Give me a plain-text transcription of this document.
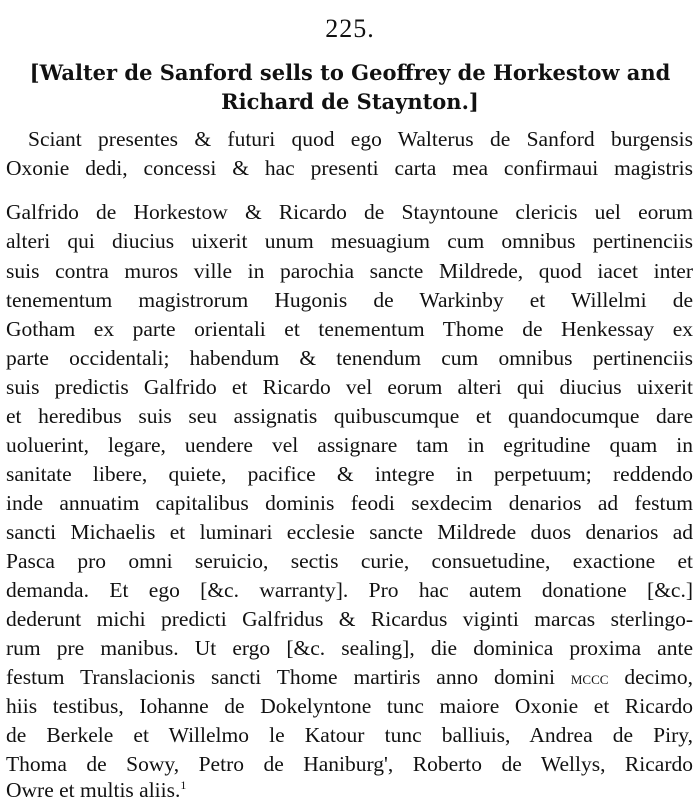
225.
[Walter de Sanford sells to Geoffrey de Horkestow and
Richard de Staynton.]
Sciant presentes & futuri quod ego Walterus de Sanford burgensis
Oxonie dedi, concessi & hac presenti carta mea confirmaui magistris
Galfrido de Horkestow & Ricardo de Stayntoune clericis uel eorum
alteri qui diucius uixerit unum mesuagium cum omnibus pertinenciis
suis contra muros ville in parochia sancte Mildrede, quod iacet inter
tenementum magistrorum Hugonis de Warkinby et Willelmi de
Gotham ex parte orientali et tenementum Thome de Henkessay ex
parte occidentali; habendum & tenendum cum omnibus pertinenciis
suis predictis Galfrido et Ricardo vel eorum alteri qui diucius uixerit
et heredibus suis seu assignatis quibuscumque et quandocumque dare
uoluerint, legare, uendere vel assignare tam in egritudine quam in
sanitate libere, quiete, pacifice & integre in perpetuum; reddendo
inde annuatim capitalibus dominis feodi sexdecim denarios ad festum
sancti Michaelis et luminari ecclesie sancte Mildrede duos denarios ad
Pasca pro omni seruicio, sectis curie, consuetudine, exactione et
demanda. Et ego [&c. warranty]. Pro hac autem donatione [&c.]
dederunt michi predicti Galfridus & Ricardus viginti marcas sterlingo-
rum pre manibus. Ut ergo [&c. sealing], die dominica proxima ante
festum Translacionis sancti Thome martiris anno domini mccc decimo,
hiis testibus, Iohanne de Dokelyntone tunc maiore Oxonie et Ricardo
de Berkele et Willelmo le Katour tunc balliuis, Andrea de Piry,
Thoma de Sowy, Petro de Haniburg', Roberto de Wellys, Ricardo
Owre et multis aliis.$^1$
